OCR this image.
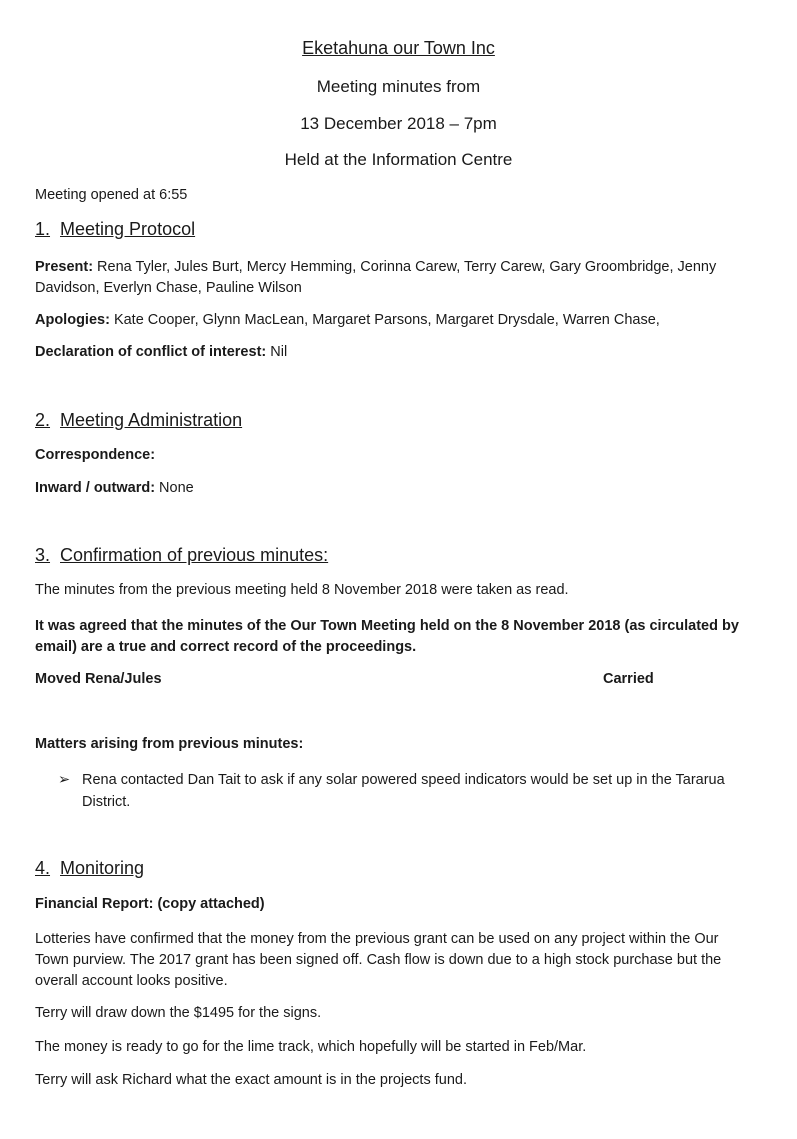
Eketahuna our Town Inc
Meeting minutes from
13 December 2018 – 7pm
Held at the Information Centre
Meeting opened at 6:55
1. Meeting Protocol
Present: Rena Tyler, Jules Burt, Mercy Hemming, Corinna Carew, Terry Carew, Gary Groombridge, Jenny Davidson, Everlyn Chase, Pauline Wilson
Apologies: Kate Cooper, Glynn MacLean, Margaret Parsons, Margaret Drysdale, Warren Chase,
Declaration of conflict of interest: Nil
2. Meeting Administration
Correspondence:
Inward / outward: None
3. Confirmation of previous minutes:
The minutes from the previous meeting held 8 November 2018 were taken as read.
It was agreed that the minutes of the Our Town Meeting held on the 8 November 2018 (as circulated by email) are a true and correct record of the proceedings.
Moved Rena/Jules	Carried
Matters arising from previous minutes:
➢ Rena contacted Dan Tait to ask if any solar powered speed indicators would be set up in the Tararua District.
4. Monitoring
Financial Report: (copy attached)
Lotteries have confirmed that the money from the previous grant can be used on any project within the Our Town purview. The 2017 grant has been signed off. Cash flow is down due to a high stock purchase but the overall account looks positive.
Terry will draw down the $1495 for the signs.
The money is ready to go for the lime track, which hopefully will be started in Feb/Mar.
Terry will ask Richard what the exact amount is in the projects fund.
